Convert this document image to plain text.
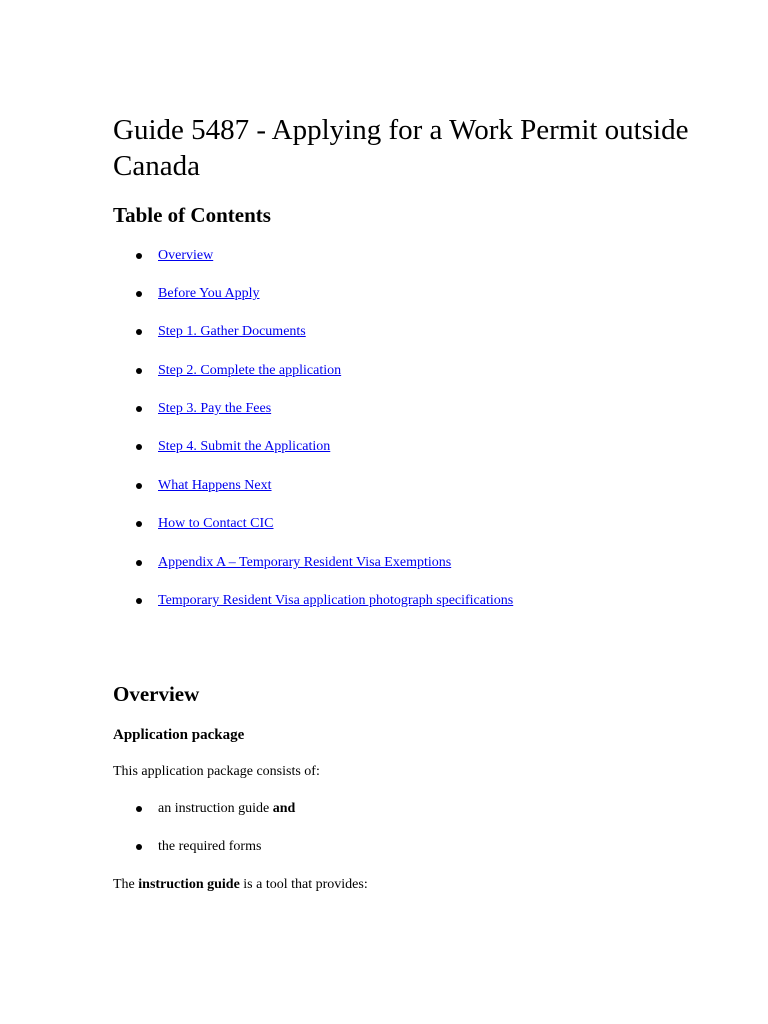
Guide 5487 - Applying for a Work Permit outside Canada
Table of Contents
Overview
Before You Apply
Step 1. Gather Documents
Step 2. Complete the application
Step 3. Pay the Fees
Step 4. Submit the Application
What Happens Next
How to Contact CIC
Appendix A – Temporary Resident Visa Exemptions
Temporary Resident Visa application photograph specifications
Overview
Application package

This application package consists of:

an instruction guide and
the required forms

The instruction guide is a tool that provides:
